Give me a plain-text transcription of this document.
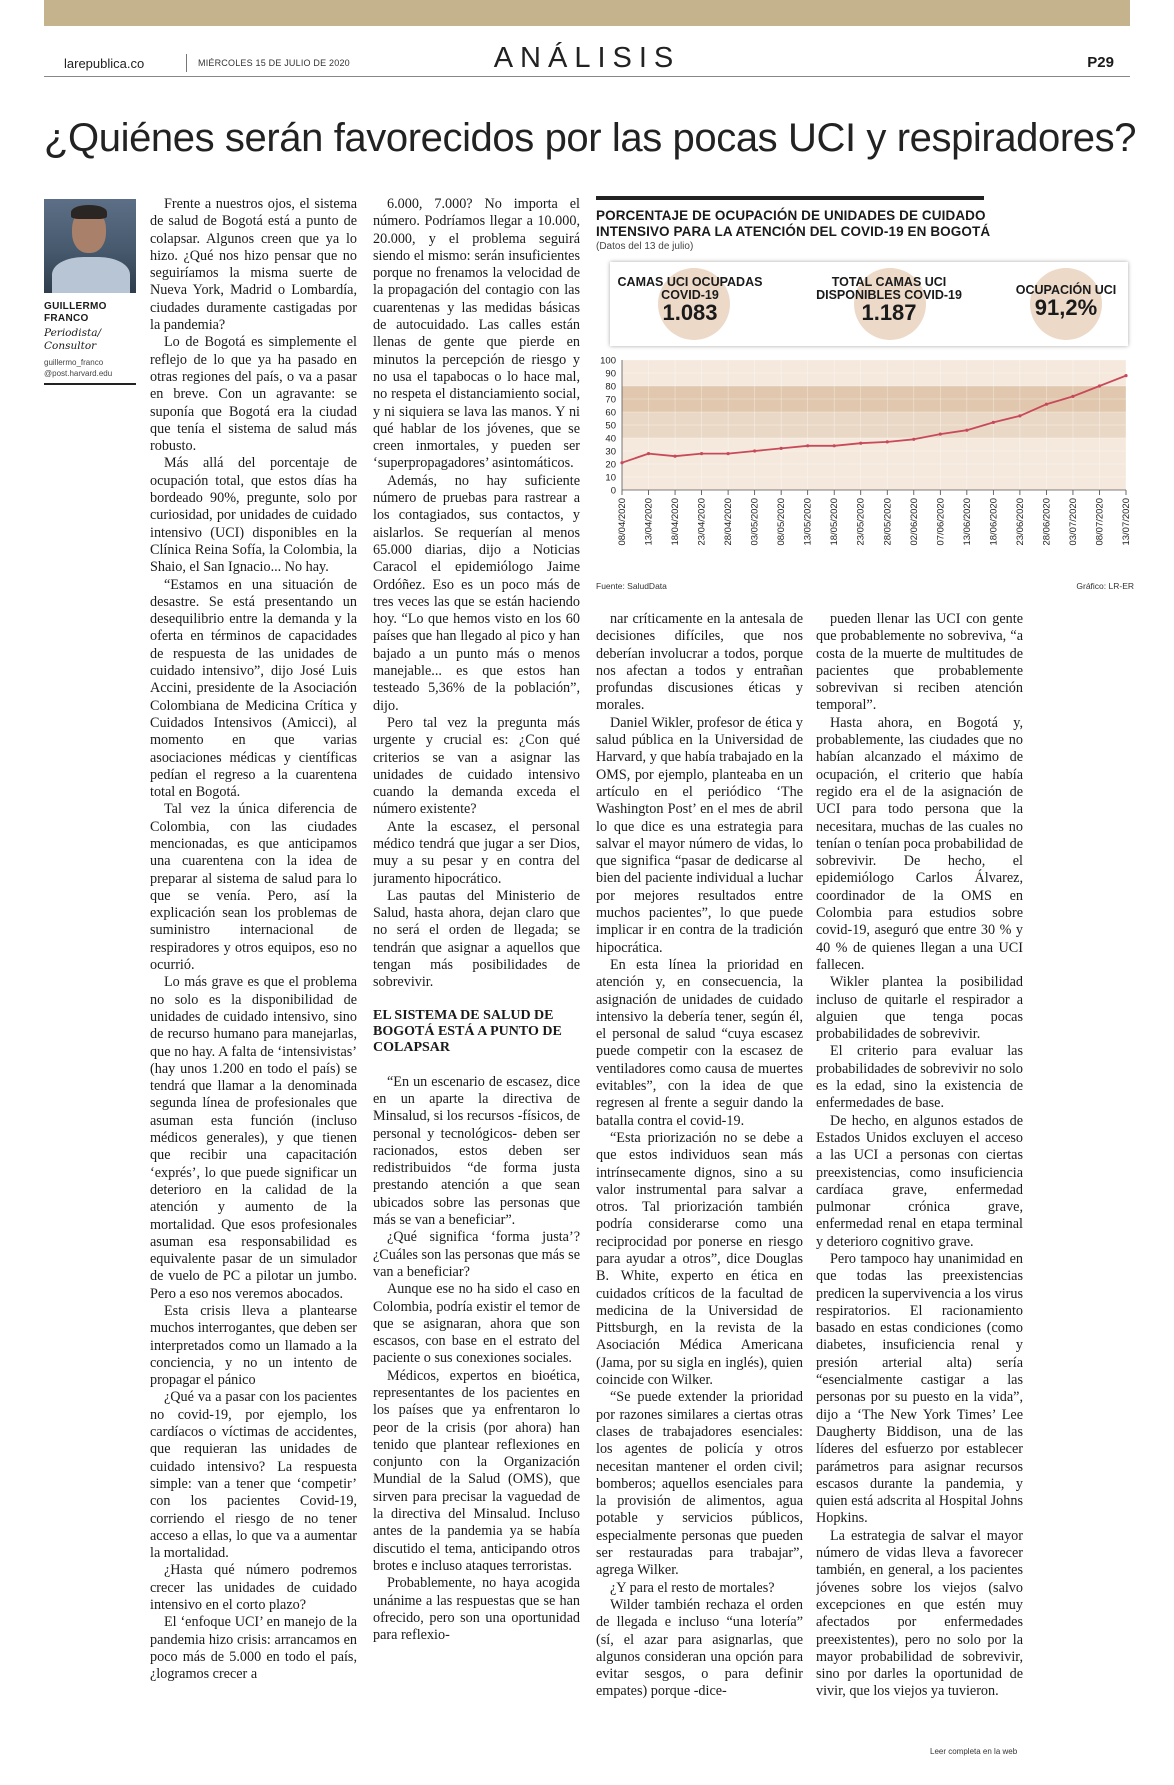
larepublica.co	MIÉRCOLES 15 DE JULIO DE 2020	ANÁLISIS	P29
¿Quiénes serán favorecidos por las pocas UCI y respiradores?
GUILLERMO FRANCO
Periodista/ Consultor
guillermo_franco @post.harvard.edu

Frente a nuestros ojos, el sistema de salud de Bogotá está a punto de colapsar. Algunos creen que ya lo hizo. ¿Qué nos hizo pensar que no seguiríamos la misma suerte de Nueva York, Madrid o Lombardía, ciudades duramente castigadas por la pandemia?

Lo de Bogotá es simplemente el reflejo de lo que ya ha pasado en otras regiones del país, o va a pasar en breve. Con un agravante: se suponía que Bogotá era la ciudad que tenía el sistema de salud más robusto.

Más allá del porcentaje de ocupación total, que estos días ha bordeado 90%, pregunte, solo por curiosidad, por unidades de cuidado intensivo (UCI) disponibles en la Clínica Reina Sofía, la Colombia, la Shaio, el San Ignacio... No hay.

“Estamos en una situación de desastre. Se está presentando un desequilibrio entre la demanda y la oferta en términos de capacidades de respuesta de las unidades de cuidado intensivo”, dijo José Luis Accini, presidente de la Asociación Colombiana de Medicina Crítica y Cuidados Intensivos (Amicci), al momento en que varias asociaciones médicas y científicas pedían el regreso a la cuarentena total en Bogotá.

Tal vez la única diferencia de Colombia, con las ciudades mencionadas, es que anticipamos una cuarentena con la idea de preparar al sistema de salud para lo que se venía. Pero, así la explicación sean los problemas de suministro internacional de respiradores y otros equipos, eso no ocurrió.

Lo más grave es que el problema no solo es la disponibilidad de unidades de cuidado intensivo, sino de recurso humano para manejarlas, que no hay. A falta de ‘intensivistas’ (hay unos 1.200 en todo el país) se tendrá que llamar a la denominada segunda línea de profesionales que asuman esta función (incluso médicos generales), y que tienen que recibir una capacitación ‘exprés’, lo que puede significar un deterioro en la calidad de la atención y aumento de la mortalidad. Que esos profesionales asuman esa responsabilidad es equivalente pasar de un simulador de vuelo de PC a pilotar un jumbo. Pero a eso nos veremos abocados.

Esta crisis lleva a plantearse muchos interrogantes, que deben ser interpretados como un llamado a la conciencia, y no un intento de propagar el pánico

¿Qué va a pasar con los pacientes no covid-19, por ejemplo, los cardíacos o víctimas de accidentes, que requieran las unidades de cuidado intensivo? La respuesta simple: van a tener que ‘competir’ con los pacientes Covid-19, corriendo el riesgo de no tener acceso a ellas, lo que va a aumentar la mortalidad.

¿Hasta qué número podremos crecer las unidades de cuidado intensivo en el corto plazo?

El ‘enfoque UCI’ en manejo de la pandemia hizo crisis: arrancamos en poco más de 5.000 en todo el país, ¿logramos crecer a

6.000, 7.000? No importa el número. Podríamos llegar a 10.000, 20.000, y el problema seguirá siendo el mismo: serán insuficientes porque no frenamos la velocidad de la propagación del contagio con las cuarentenas y las medidas básicas de autocuidado. Las calles están llenas de gente que pierde en minutos la percepción de riesgo y no usa el tapabocas o lo hace mal, no respeta el distanciamiento social, y ni siquiera se lava las manos. Y ni qué hablar de los jóvenes, que se creen inmortales, y pueden ser ‘superpropagadores’ asintomáticos.

Además, no hay suficiente número de pruebas para rastrear a los contagiados, sus contactos, y aislarlos. Se requerían al menos 65.000 diarias, dijo a Noticias Caracol el epidemiólogo Jaime Ordóñez. Eso es un poco más de tres veces las que se están haciendo hoy. “Lo que hemos visto en los 60 países que han llegado al pico y han bajado a un punto más o menos manejable... es que estos han testeado 5,36% de la población”, dijo.

Pero tal vez la pregunta más urgente y crucial es: ¿Con qué criterios se van a asignar las unidades de cuidado intensivo cuando la demanda exceda el número existente?

Ante la escasez, el personal médico tendrá que jugar a ser Dios, muy a su pesar y en contra del juramento hipocrático.

Las pautas del Ministerio de Salud, hasta ahora, dejan claro que no será el orden de llegada; se tendrán que asignar a aquellos que tengan más posibilidades de sobrevivir.

EL SISTEMA DE SALUD DE BOGOTÁ ESTÁ A PUNTO DE COLAPSAR

“En un escenario de escasez, dice en un aparte la directiva de Minsalud, si los recursos -físicos, de personal y tecnológicos- deben ser racionados, estos deben ser redistribuidos “de forma justa prestando atención a que sean ubicados sobre las personas que más se van a beneficiar”.

¿Qué significa ‘forma justa’? ¿Cuáles son las personas que más se van a beneficiar?

Aunque ese no ha sido el caso en Colombia, podría existir el temor de que se asignaran, ahora que son escasos, con base en el estrato del paciente o sus conexiones sociales.

Médicos, expertos en bioética, representantes de los pacientes en los países que ya enfrentaron lo peor de la crisis (por ahora) han tenido que plantear reflexiones en conjunto con la Organización Mundial de la Salud (OMS), que sirven para precisar la vaguedad de la directiva del Minsalud. Incluso antes de la pandemia ya se había discutido el tema, anticipando otros brotes e incluso ataques terroristas.

Probablemente, no haya acogida unánime a las respuestas que se han ofrecido, pero son una oportunidad para reflexio-

nar críticamente en la antesala de decisiones difíciles, que nos deberían involucrar a todos, porque nos afectan a todos y entrañan profundas discusiones éticas y morales.

Daniel Wikler, profesor de ética y salud pública en la Universidad de Harvard, y que había trabajado en la OMS, por ejemplo, planteaba en un artículo en el periódico ‘The Washington Post’ en el mes de abril lo que dice es una estrategia para salvar el mayor número de vidas, lo que significa “pasar de dedicarse al bien del paciente individual a luchar por mejores resultados entre muchos pacientes”, lo que puede implicar ir en contra de la tradición hipocrática.

En esta línea la prioridad en atención y, en consecuencia, la asignación de unidades de cuidado intensivo la debería tener, según él, el personal de salud “cuya escasez puede competir con la escasez de ventiladores como causa de muertes evitables”, con la idea de que regresen al frente a seguir dando la batalla contra el covid-19.

“Esta priorización no se debe a que estos individuos sean más intrínsecamente dignos, sino a su valor instrumental para salvar a otros. Tal priorización también podría considerarse como una reciprocidad por ponerse en riesgo para ayudar a otros”, dice Douglas B. White, experto en ética en cuidados críticos de la facultad de medicina de la Universidad de Pittsburgh, en la revista de la Asociación Médica Americana (Jama, por su sigla en inglés), quien coincide con Wilker.

“Se puede extender la prioridad por razones similares a ciertas otras clases de trabajadores esenciales: los agentes de policía y otros necesitan mantener el orden civil; bomberos; aquellos esenciales para la provisión de alimentos, agua potable y servicios públicos, especialmente personas que pueden ser restauradas para trabajar”, agrega Wilker.

¿Y para el resto de mortales?

Wilder también rechaza el orden de llegada e incluso “una lotería” (sí, el azar para asignarlas, que algunos consideran una opción para evitar sesgos, o para definir empates) porque -dice-

pueden llenar las UCI con gente que probablemente no sobreviva, “a costa de la muerte de multitudes de pacientes que probablemente sobrevivan si reciben atención temporal”.

Hasta ahora, en Bogotá y, probablemente, las ciudades que no habían alcanzado el máximo de ocupación, el criterio que había regido era el de la asignación de UCI para todo persona que la necesitara, muchas de las cuales no tenían o tenían poca probabilidad de sobrevivir. De hecho, el epidemiólogo Carlos Álvarez, coordinador de la OMS en Colombia para estudios sobre covid-19, aseguró que entre 30 % y 40 % de quienes llegan a una UCI fallecen.

Wikler plantea la posibilidad incluso de quitarle el respirador a alguien que tenga pocas probabilidades de sobrevivir.

El criterio para evaluar las probabilidades de sobrevivir no solo es la edad, sino la existencia de enfermedades de base.

De hecho, en algunos estados de Estados Unidos excluyen el acceso a las UCI a personas con ciertas preexistencias, como insuficiencia cardíaca grave, enfermedad pulmonar crónica grave, enfermedad renal en etapa terminal y deterioro cognitivo grave.

Pero tampoco hay unanimidad en que todas las preexistencias predicen la supervivencia a los virus respiratorios. El racionamiento basado en estas condiciones (como diabetes, insuficiencia renal y presión arterial alta) sería “esencialmente castigar a las personas por su puesto en la vida”, dijo a ‘The New York Times’ Lee Daugherty Biddison, una de las líderes del esfuerzo por establecer parámetros para asignar recursos escasos durante la pandemia, y quien está adscrita al Hospital Johns Hopkins.

La estrategia de salvar el mayor número de vidas lleva a favorecer también, en general, a los pacientes jóvenes sobre los viejos (salvo excepciones en que estén muy afectados por enfermedades preexistentes), pero no solo por la mayor probabilidad de sobrevivir, sino por darles la oportunidad de vivir, que los viejos ya tuvieron.

PORCENTAJE DE OCUPACIÓN DE UNIDADES DE CUIDADO INTENSIVO PARA LA ATENCIÓN DEL COVID-19 EN BOGOTÁ
(Datos del 13 de julio)
CAMAS UCI OCUPADAS COVID-19
1.083
TOTAL CAMAS UCI DISPONIBLES COVID-19
1.187
OCUPACIÓN UCI
91,2%
08/04/2020 13/04/2020 18/04/2020 23/04/2020 28/04/2020 03/05/2020 08/05/2020 13/05/2020 18/05/2020 23/05/2020 28/05/2020 02/06/2020 07/06/2020 13/06/2020 18/06/2020 23/06/2020 28/06/2020 03/07/2020 08/07/2020 13/07/2020
0
10
20
30
40
50
60
70
80
90
100
Fuente: SaludData	Gráfico: LR-ER
Leer completa en la web
